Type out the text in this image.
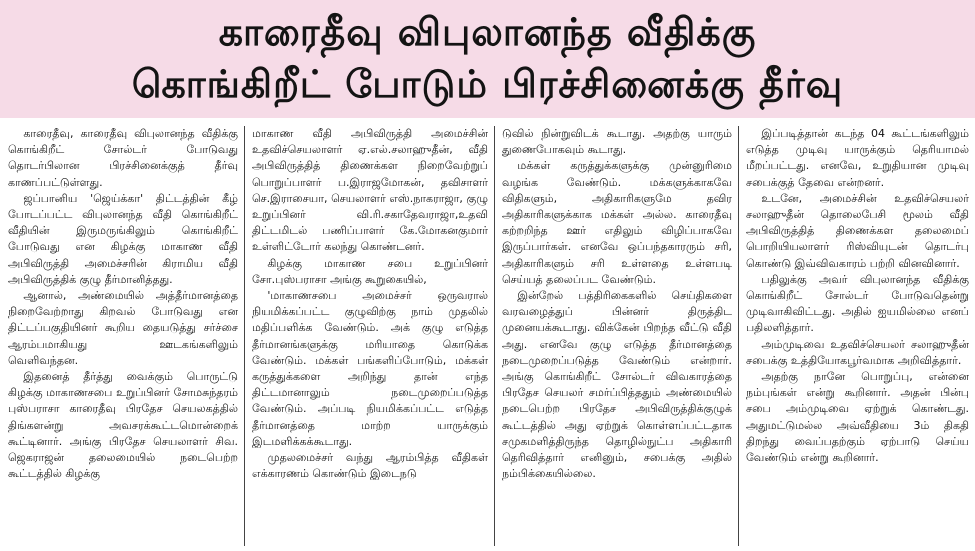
காரைதீவு விபுலானந்த வீதிக்கு
கொங்கிறீட் போடும் பிரச்சினைக்கு தீர்வு

காரைதீவு, காரைதீவு விபுலானந்த வீதிக்கு கொங்கிறீட் சோல்டர் போடுவது தொடர்பிலான பிரச்சினைக்குத் தீர்வு காணப்பட்டுள்ளது.

ஜப்பானிய 'ஜெய்க்கா' திட்டத்தின் கீழ் போடப்பட்ட விபுலானந்த வீதி கொங்கிறீட் வீதியின் இருமருங்கிலும் கொங்கிறீட் போடுவது என கிழக்கு மாகாண வீதி அபிவிருத்தி அமைச்சரின் கிராமிய வீதி அபிவிருத்திக் குழு தீர்மானித்தது.

ஆனால், அண்மையில் அத்தீர்மானத்தை நிறைவேற்றாது கிறவல் போடுவது என திட்டப்பகுதியினர் கூறிய தையடுத்து சர்ச்சை ஆரம்பமாகியது ஊடகங்களிலும் வெளிவந்தன.

இதனைத் தீர்த்து வைக்கும் பொருட்டு கிழக்கு மாகாணசபை உறுப்பினர் சோமசுந்தரம் புஸ்பராசா காரைதீவு பிரதேச செயலகத்தில் திங்களன்று அவசரக்கூட்டமொன்றைக் கூட்டினார். அங்கு பிரதேச செயலாளர் சிவ. ஜெகராஜன் தலைமையில் நடைபெற்ற கூட்டத்தில் கிழக்கு

மாகாண வீதி அபிவிருத்தி அமைச்சின் உதவிச்செயலாளர் ஏ.எல்.சலாஹுதீன், வீதி அபிவிருத்தித் திணைக்கள நிறைவேற்றுப் பொறுப்பாளர் ப.இராஜமோகன், தவிசாளர் செ.இராசையா, செயலாளர் எஸ்.நாகராஜா, குழு உறுப்பினர் வி.ரி.சகாதேவராஜா,உதவி திட்டமிடல் பணிப்பாளர் கே.மோகனகுமார் உள்ளிட்டோர் கலந்து கொண்டனர்.

கிழக்கு மாகாண சபை உறுப்பினர் சோ.புஸ்பராசா அங்கு கூறுகையில்,

'மாகாணசபை அமைச்சர் ஒருவரால் நியமிக்கப்பட்ட குழுவிற்கு நாம் முதலில் மதிப்பளிக்க வேண்டும். அக் குழு எடுத்த தீர்மானங்களுக்கு மரியாதை கொடுக்க வேண்டும். மக்கள் பங்களிப்போடும், மக்கள் கருத்துக்களை அறிந்து தான் எந்த திட்டமானாலும் நடைமுறைப்படுத்த வேண்டும். அப்படி நியமிக்கப்பட்ட எடுத்த தீர்மானத்தை மாற்ற யாருக்கும் இடமளிக்கக்கூடாது.

முதலமைச்சர் வந்து ஆரம்பித்த வீதிகள் எக்காரணம் கொண்டும் இடைநடு

டுவில் நின்றுவிடக் கூடாது. அதற்கு யாரும் துணைபோகவும் கூடாது.

மக்கள் கருத்துக்களுக்கு முன்னுரிமை வழங்க வேண்டும். மக்களுக்காகவே விதிகளும், அதிகாரிகளுமே தவிர அதிகாரிகளுக்காக மக்கள் அல்ல. காரைதீவு கற்றறிந்த ஊர் எதிலும் விழிப்பாகவே இருப்பார்கள். எனவே ஒப்பந்தகாரரும் சரி, அதிகாரிகளும் சரி உள்ளதை உள்ளபடி செய்யத் தலைப்பட வேண்டும்.

இன்றேல் பத்திரிகைகளில் செய்திகளை வரவழைத்துப் பின்னர் திருத்திட முனையக்கூடாது. விக்கேன் பிறந்த வீட்டு வீதி அது. எனவே குழு எடுத்த தீர்மானத்தை நடைமுறைப்படுத்த வேண்டும் என்றார். அங்கு கொங்கிறீட் சோல்டர் விவகாரத்தை பிரதேச செயலர் சமர்ப்பித்ததும் அண்மையில் நடைபெற்ற பிரதேச அபிவிருத்திக்குழுக் கூட்டத்தில் அது ஏற்றுக் கொள்ளப்பட்டதாக சமுகமளித்திருந்த தொழில்நுட்ப அதிகாரி தெரிவித்தார் எனினும், சபைக்கு அதில் நம்பிக்கையில்லை.

இப்படித்தான் கடந்த 04 கூட்டங்களிலும் எடுத்த முடிவு யாருக்கும் தெரியாமல் மீறப்பட்டது. எனவே, உறுதியான முடிவு சபைக்குத் தேவை என்றனர்.

உடனே, அமைச்சின் உதவிச்செயலர் சலாஹுதீன் தொலைபேசி மூலம் வீதி அபிவிருத்தித் திணைக்கள தலைமைப் பொறியியலாளர் ரிஸ்வியுடன் தொடர்பு கொண்டு இவ்விவகாரம் பற்றி வினவினார்.

பதிலுக்கு அவர் விபுலானந்த வீதிக்கு கொங்கிறீட் சோல்டர் போடுவதென்று முடிவாகிவிட்டது. அதில் ஐயமில்லை எனப் பதிலளித்தார்.

அம்முடிவை உதவிச்செயலர் சலாஹுதீன் சபைக்கு உத்தியோகபூர்வமாக அறிவித்தார்.

அதற்கு நானே பொறுப்பு, என்னை நம்புங்கள் என்று கூறினார். அதன் பின்பு சபை அம்முடிவை ஏற்றுக் கொண்டது. அதுமட்டுமல்ல அவ்வீதியை 3ம் திகதி திறந்து வைப்பதற்கும் ஏற்பாடு செய்ய வேண்டும் என்று கூறினார்.
